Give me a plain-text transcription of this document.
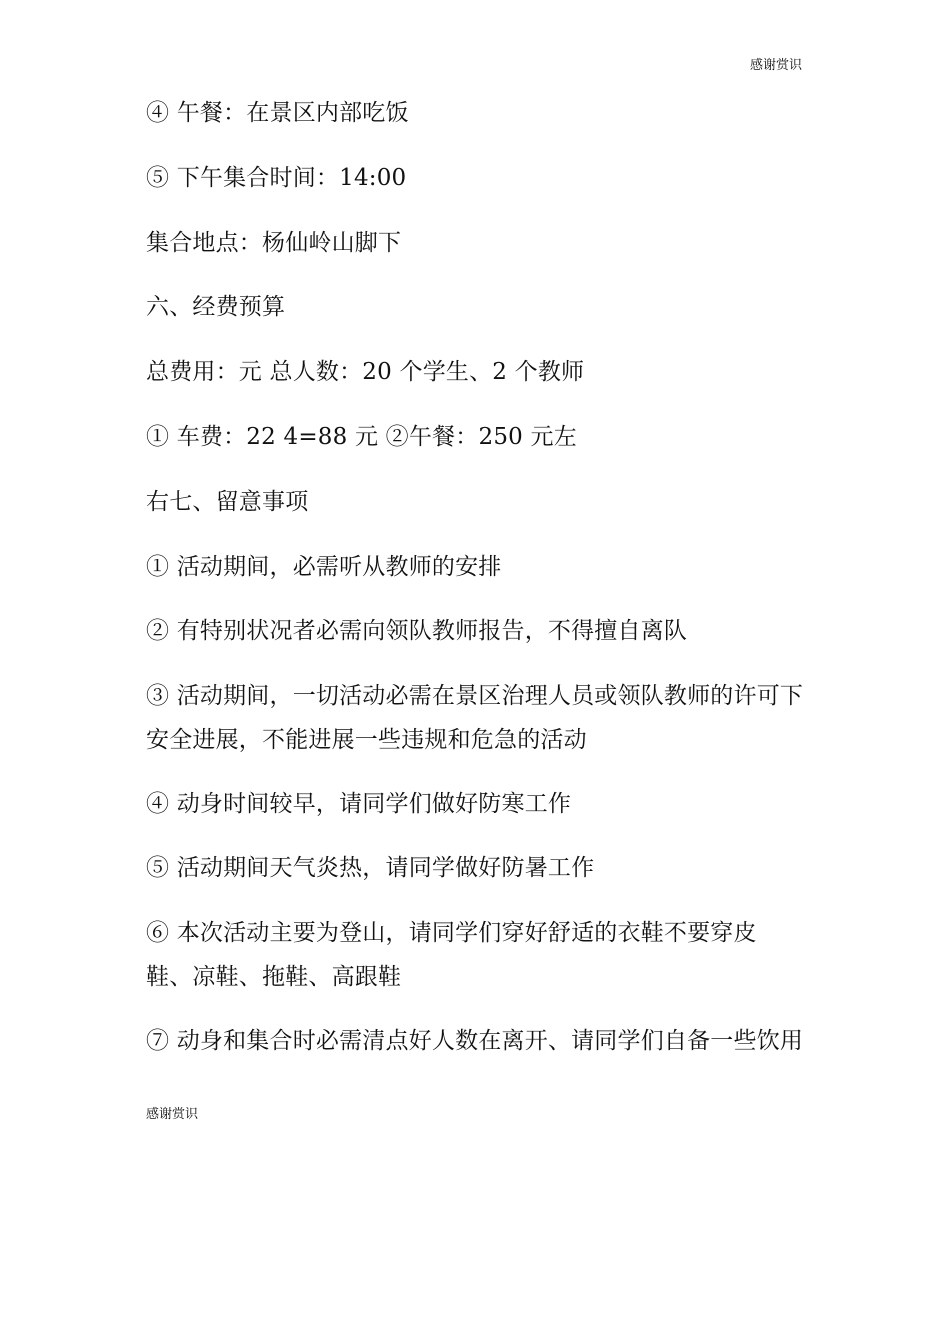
感谢赏识
④ 午餐：在景区内部吃饭
⑤ 下午集合时间：14:00
集合地点：杨仙岭山脚下
六、经费预算
总费用：元 总人数：20 个学生、2 个教师
① 车费：22 4=88 元 ②午餐：250 元左
右七、留意事项
① 活动期间，必需听从教师的安排
② 有特别状况者必需向领队教师报告，不得擅自离队
③ 活动期间，一切活动必需在景区治理人员或领队教师的许可下
安全进展，不能进展一些违规和危急的活动
④ 动身时间较早，请同学们做好防寒工作
⑤ 活动期间天气炎热，请同学做好防暑工作
⑥ 本次活动主要为登山，请同学们穿好舒适的衣鞋不要穿皮
鞋、凉鞋、拖鞋、高跟鞋
⑦ 动身和集合时必需清点好人数在离开、请同学们自备一些饮用
感谢赏识
